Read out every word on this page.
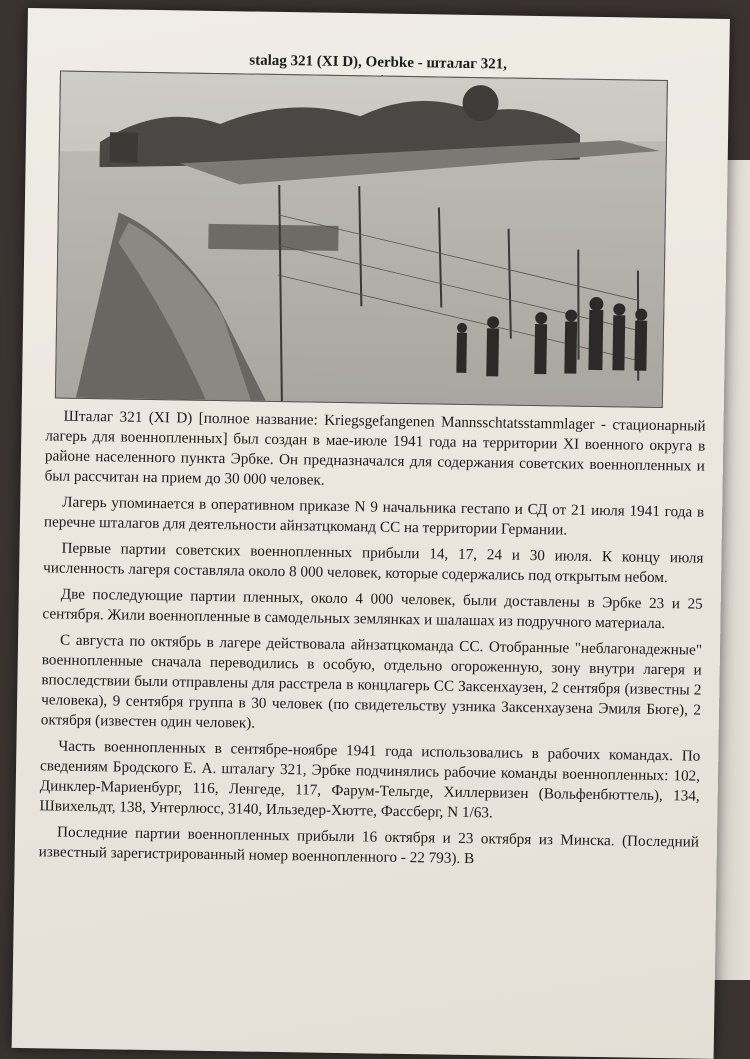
stalag 321 (XI D), Oerbke - шталаг 321,

Шталаг 321 (XI D) [полное название: Kriegsgefangenen Mannsschtatsstammlager - стационарный лагерь для военнопленных] был создан в мае-июле 1941 года на территории XI военного округа в районе населенного пункта Эрбке. Он предназначался для содержания советских военнопленных и был рассчитан на прием до 30 000 человек.

Лагерь упоминается в оперативном приказе N 9 начальника гестапо и СД от 21 июля 1941 года в перечне шталагов для деятельности айнзатцкоманд СС на территории Германии.

Первые партии советских военнопленных прибыли 14, 17, 24 и 30 июля. К концу июля численность лагеря составляла около 8 000 человек, которые содержались под открытым небом.

Две последующие партии пленных, около 4 000 человек, были доставлены в Эрбке 23 и 25 сентября. Жили военнопленные в самодельных землянках и шалашах из подручного материала.

С августа по октябрь в лагере действовала айнзатцкоманда СС. Отобранные "неблагонадежные" военнопленные сначала переводились в особую, отдельно огороженную, зону внутри лагеря и впоследствии были отправлены для расстрела в концлагерь СС Заксенхаузен, 2 сентября (известны 2 человека), 9 сентября группа в 30 человек (по свидетельству узника Заксенхаузена Эмиля Бюге), 2 октября (известен один человек).

Часть военнопленных в сентябре-ноябре 1941 года использовались в рабочих командах. По сведениям Бродского Е. А. шталагу 321, Эрбке подчинялись рабочие команды военнопленных: 102, Динклер-Мариенбург, 116, Ленгеде, 117, Фарум-Тельгде, Хиллервизен (Вольфенбюттель), 134, Швихельдт, 138, Унтерлюсс, 3140, Ильзедер-Хютте, Фассберг, N 1/63.

Последние партии военнопленных прибыли 16 октября и 23 октября из Минска. (Последний известный зарегистрированный номер военнопленного - 22 793). В
